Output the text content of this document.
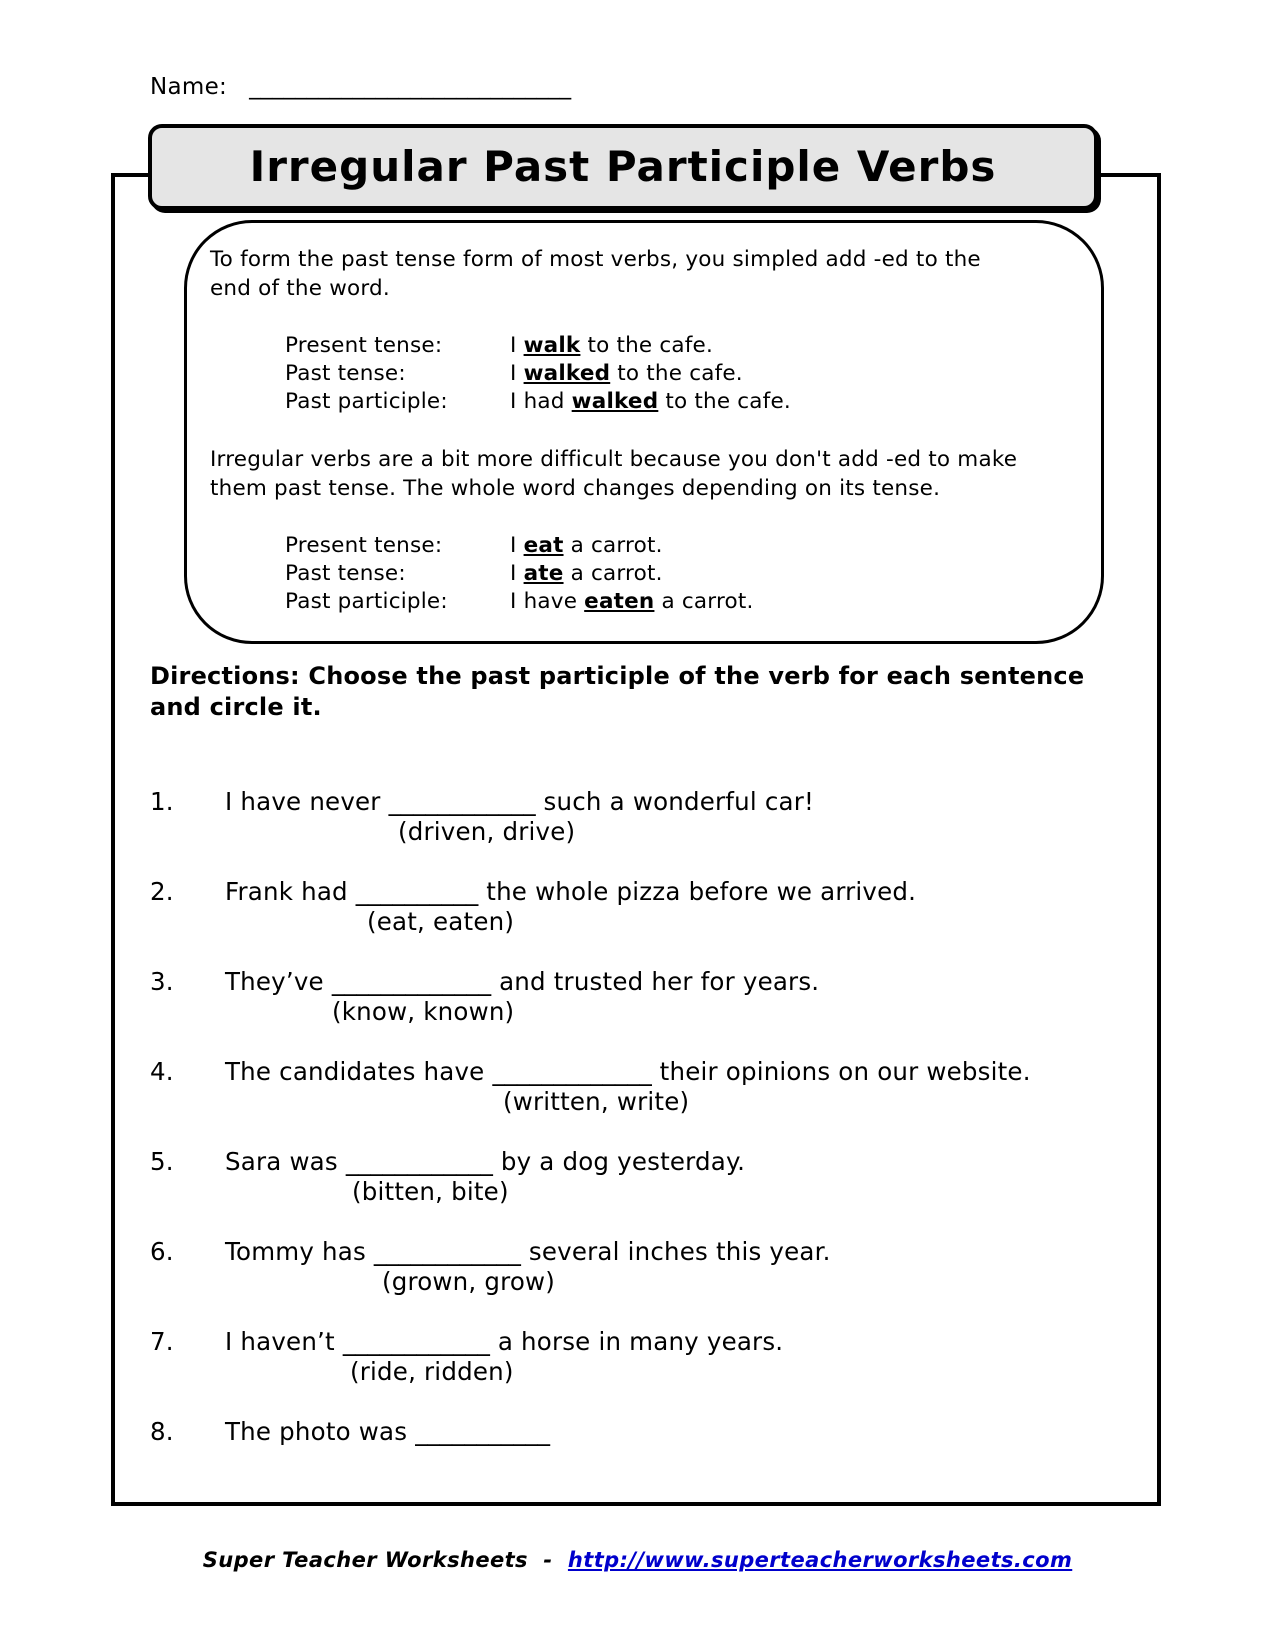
Name: ____________________________
Irregular Past Participle Verbs
To form the past tense form of most verbs, you simpled add -ed to the
end of the word.
Present tense:	I walk to the cafe.
Past tense:	I walked to the cafe.
Past participle:	I had walked to the cafe.
Irregular verbs are a bit more difficult because you don't add -ed to make
them past tense. The whole word changes depending on its tense.
Present tense:	I eat a carrot.
Past tense:	I ate a carrot.
Past participle:	I have eaten a carrot.
Directions: Choose the past participle of the verb for each sentence
and circle it.
1. I have never ____________ such a wonderful car!
(driven, drive)
2. Frank had __________ the whole pizza before we arrived.
(eat, eaten)
3. They’ve _____________ and trusted her for years.
(know, known)
4. The candidates have _____________ their opinions on our website.
(written, write)
5. Sara was ____________ by a dog yesterday.
(bitten, bite)
6. Tommy has ____________ several inches this year.
(grown, grow)
7. I haven’t ____________ a horse in many years.
(ride, ridden)
8. The photo was ___________
Super Teacher Worksheets  -  http://www.superteacherworksheets.com
